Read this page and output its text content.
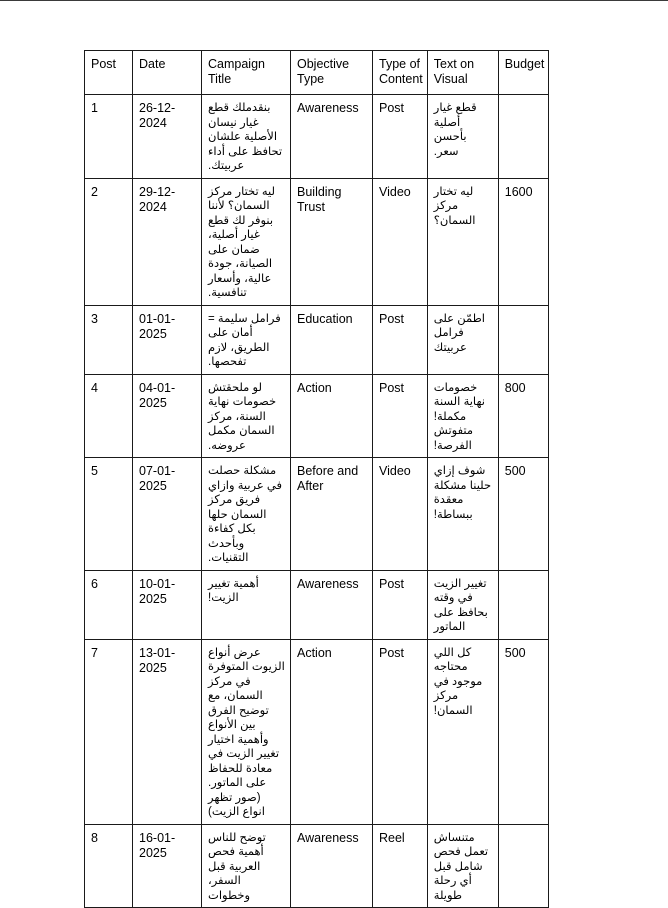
Post	Date	Campaign Title	Objective Type	Type of Content	Text on Visual	Budget
1	26-12-2024	بنقدملك قطع غيار نيسان الأصلية علشان تحافظ على أداء عربيتك.	Awareness	Post	قطع غيار أصلية بأحسن سعر.	
2	29-12-2024	ليه تختار مركز السمان؟ لأننا بنوفر لك قطع غيار أصلية، ضمان على الصيانة، جودة عالية، وأسعار تنافسية.	Building Trust	Video	ليه تختار مركز السمان؟	1600
3	01-01-2025	فرامل سليمة = أمان على الطريق، لازم تفحصها.	Education	Post	اطمّن على فرامل عربيتك	
4	04-01-2025	لو ملحقتش خصومات نهاية السنة، مركز السمان مكمل عروضه.	Action	Post	خصومات نهاية السنة مكملة! متفوتش الفرصة!	800
5	07-01-2025	مشكلة حصلت في عربية وازاي فريق مركز السمان حلها بكل كفاءة وبأحدث التقنيات.	Before and After	Video	شوف إزاي حلينا مشكلة معقدة ببساطة!	500
6	10-01-2025	أهمية تغيير الزيت!	Awareness	Post	تغيير الزيت في وقته بحافظ على الماتور	
7	13-01-2025	عرض أنواع الزيوت المتوفرة في مركز السمان، مع توضيح الفرق بين الأنواع وأهمية اختيار تغيير الزيت في معادة للحفاظ على الماتور.(صور تظهر انواع الزيت)	Action	Post	كل اللي محتاجه موجود في مركز السمان!	500
8	16-01-2025	توضح للناس أهمية فحص العربية قبل السفر، وخطوات	Awareness	Reel	متنساش تعمل فحص شامل قبل أي رحلة طويلة	
